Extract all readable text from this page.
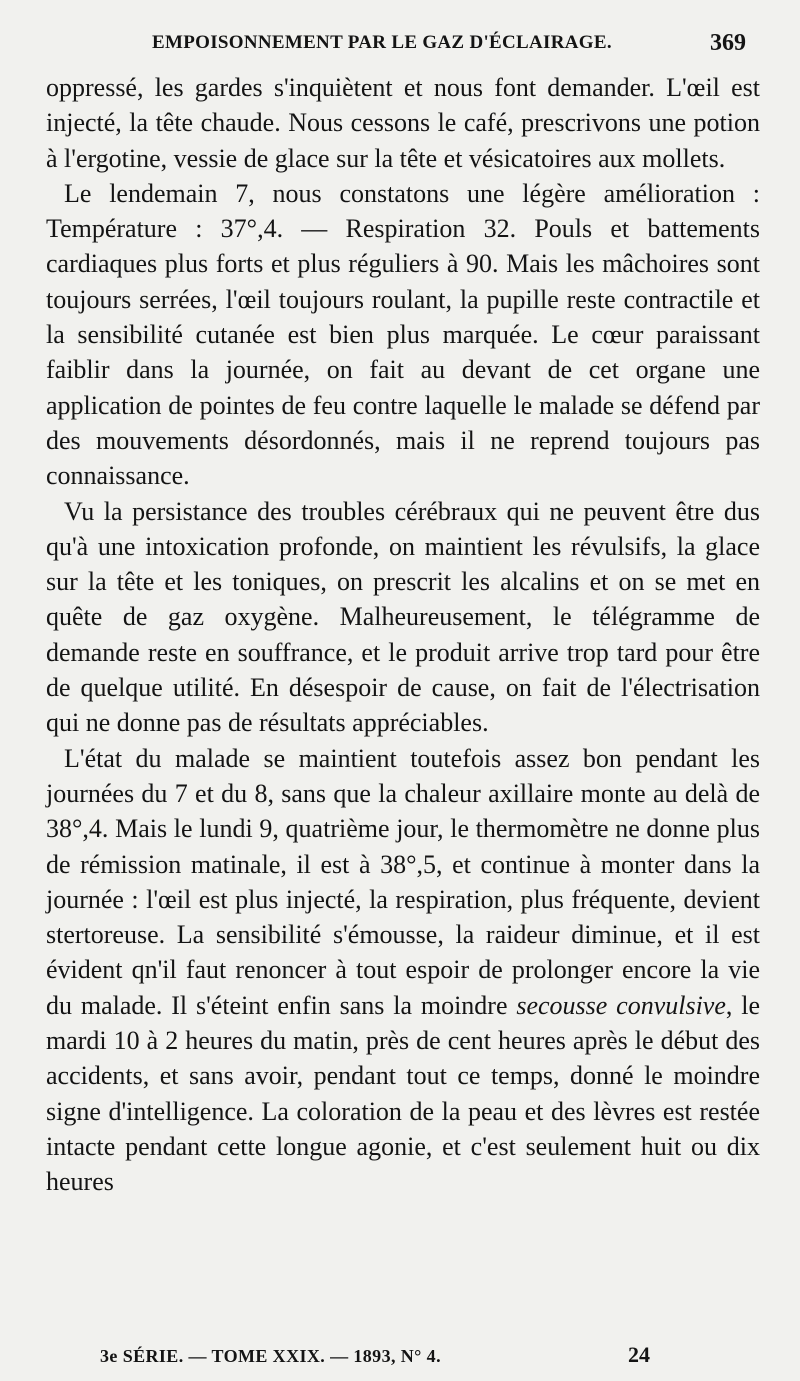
EMPOISONNEMENT PAR LE GAZ D'ÉCLAIRAGE.	369

oppressé, les gardes s'inquiètent et nous font demander. L'œil est injecté, la tête chaude. Nous cessons le café, prescrivons une potion à l'ergotine, vessie de glace sur la tête et vésicatoires aux mollets.

Le lendemain 7, nous constatons une légère amélioration : Température : 37°,4. — Respiration 32. Pouls et battements cardiaques plus forts et plus réguliers à 90. Mais les mâchoires sont toujours serrées, l'œil toujours roulant, la pupille reste contractile et la sensibilité cutanée est bien plus marquée. Le cœur paraissant faiblir dans la journée, on fait au devant de cet organe une application de pointes de feu contre laquelle le malade se défend par des mouvements désordonnés, mais il ne reprend toujours pas connaissance.

Vu la persistance des troubles cérébraux qui ne peuvent être dus qu'à une intoxication profonde, on maintient les révulsifs, la glace sur la tête et les toniques, on prescrit les alcalins et on se met en quête de gaz oxygène. Malheureusement, le télégramme de demande reste en souffrance, et le produit arrive trop tard pour être de quelque utilité. En désespoir de cause, on fait de l'électrisation qui ne donne pas de résultats appréciables.

L'état du malade se maintient toutefois assez bon pendant les journées du 7 et du 8, sans que la chaleur axillaire monte au delà de 38°,4. Mais le lundi 9, quatrième jour, le thermomètre ne donne plus de rémission matinale, il est à 38°,5, et continue à monter dans la journée : l'œil est plus injecté, la respiration, plus fréquente, devient stertoreuse. La sensibilité s'émousse, la raideur diminue, et il est évident qn'il faut renoncer à tout espoir de prolonger encore la vie du malade. Il s'éteint enfin sans la moindre secousse convulsive, le mardi 10 à 2 heures du matin, près de cent heures après le début des accidents, et sans avoir, pendant tout ce temps, donné le moindre signe d'intelligence. La coloration de la peau et des lèvres est restée intacte pendant cette longue agonie, et c'est seulement huit ou dix heures

3e SÉRIE. — TOME XXIX. — 1893, N° 4.	24
